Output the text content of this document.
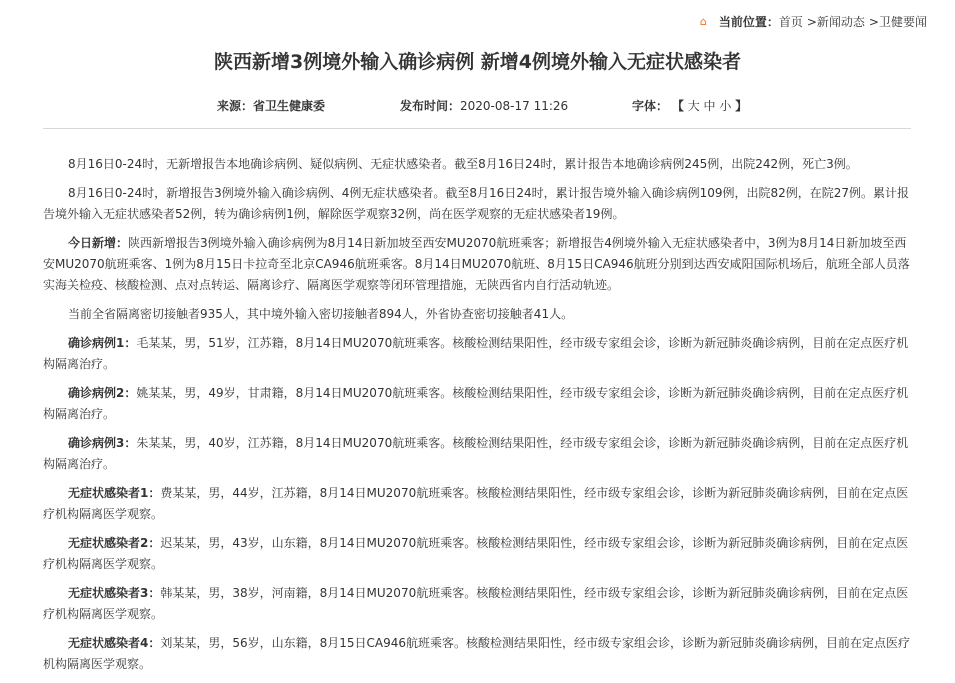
⌂ 当前位置： 首页 > 新闻动态 > 卫健要闻
陕西新增3例境外输入确诊病例 新增4例境外输入无症状感染者
来源：省卫生健康委	发布时间：2020-08-17 11:26	字体： 【 大 中 小 】

8月16日0-24时，无新增报告本地确诊病例、疑似病例、无症状感染者。截至8月16日24时，累计报告本地确诊病例245例，出院242例，死亡3例。

8月16日0-24时，新增报告3例境外输入确诊病例、4例无症状感染者。截至8月16日24时，累计报告境外输入确诊病例109例，出院82例，在院27例。累计报告境外输入无症状感染者52例，转为确诊病例1例，解除医学观察32例，尚在医学观察的无症状感染者19例。

今日新增：陕西新增报告3例境外输入确诊病例为8月14日新加坡至西安MU2070航班乘客；新增报告4例境外输入无症状感染者中，3例为8月14日新加坡至西安MU2070航班乘客、1例为8月15日卡拉奇至北京CA946航班乘客。8月14日MU2070航班、8月15日CA946航班分别到达西安咸阳国际机场后，航班全部人员落实海关检疫、核酸检测、点对点转运、隔离诊疗、隔离医学观察等闭环管理措施，无陕西省内自行活动轨迹。

当前全省隔离密切接触者935人，其中境外输入密切接触者894人，外省协查密切接触者41人。

确诊病例1：毛某某，男，51岁，江苏籍，8月14日MU2070航班乘客。核酸检测结果阳性，经市级专家组会诊，诊断为新冠肺炎确诊病例，目前在定点医疗机构隔离治疗。

确诊病例2：姚某某，男，49岁，甘肃籍，8月14日MU2070航班乘客。核酸检测结果阳性，经市级专家组会诊，诊断为新冠肺炎确诊病例，目前在定点医疗机构隔离治疗。

确诊病例3：朱某某，男，40岁，江苏籍，8月14日MU2070航班乘客。核酸检测结果阳性，经市级专家组会诊，诊断为新冠肺炎确诊病例，目前在定点医疗机构隔离治疗。

无症状感染者1：费某某，男，44岁，江苏籍，8月14日MU2070航班乘客。核酸检测结果阳性，经市级专家组会诊，诊断为新冠肺炎确诊病例，目前在定点医疗机构隔离医学观察。

无症状感染者2：迟某某，男，43岁，山东籍，8月14日MU2070航班乘客。核酸检测结果阳性，经市级专家组会诊，诊断为新冠肺炎确诊病例，目前在定点医疗机构隔离医学观察。

无症状感染者3：韩某某，男，38岁，河南籍，8月14日MU2070航班乘客。核酸检测结果阳性，经市级专家组会诊，诊断为新冠肺炎确诊病例，目前在定点医疗机构隔离医学观察。

无症状感染者4：刘某某，男，56岁，山东籍，8月15日CA946航班乘客。核酸检测结果阳性，经市级专家组会诊，诊断为新冠肺炎确诊病例，目前在定点医疗机构隔离医学观察。
